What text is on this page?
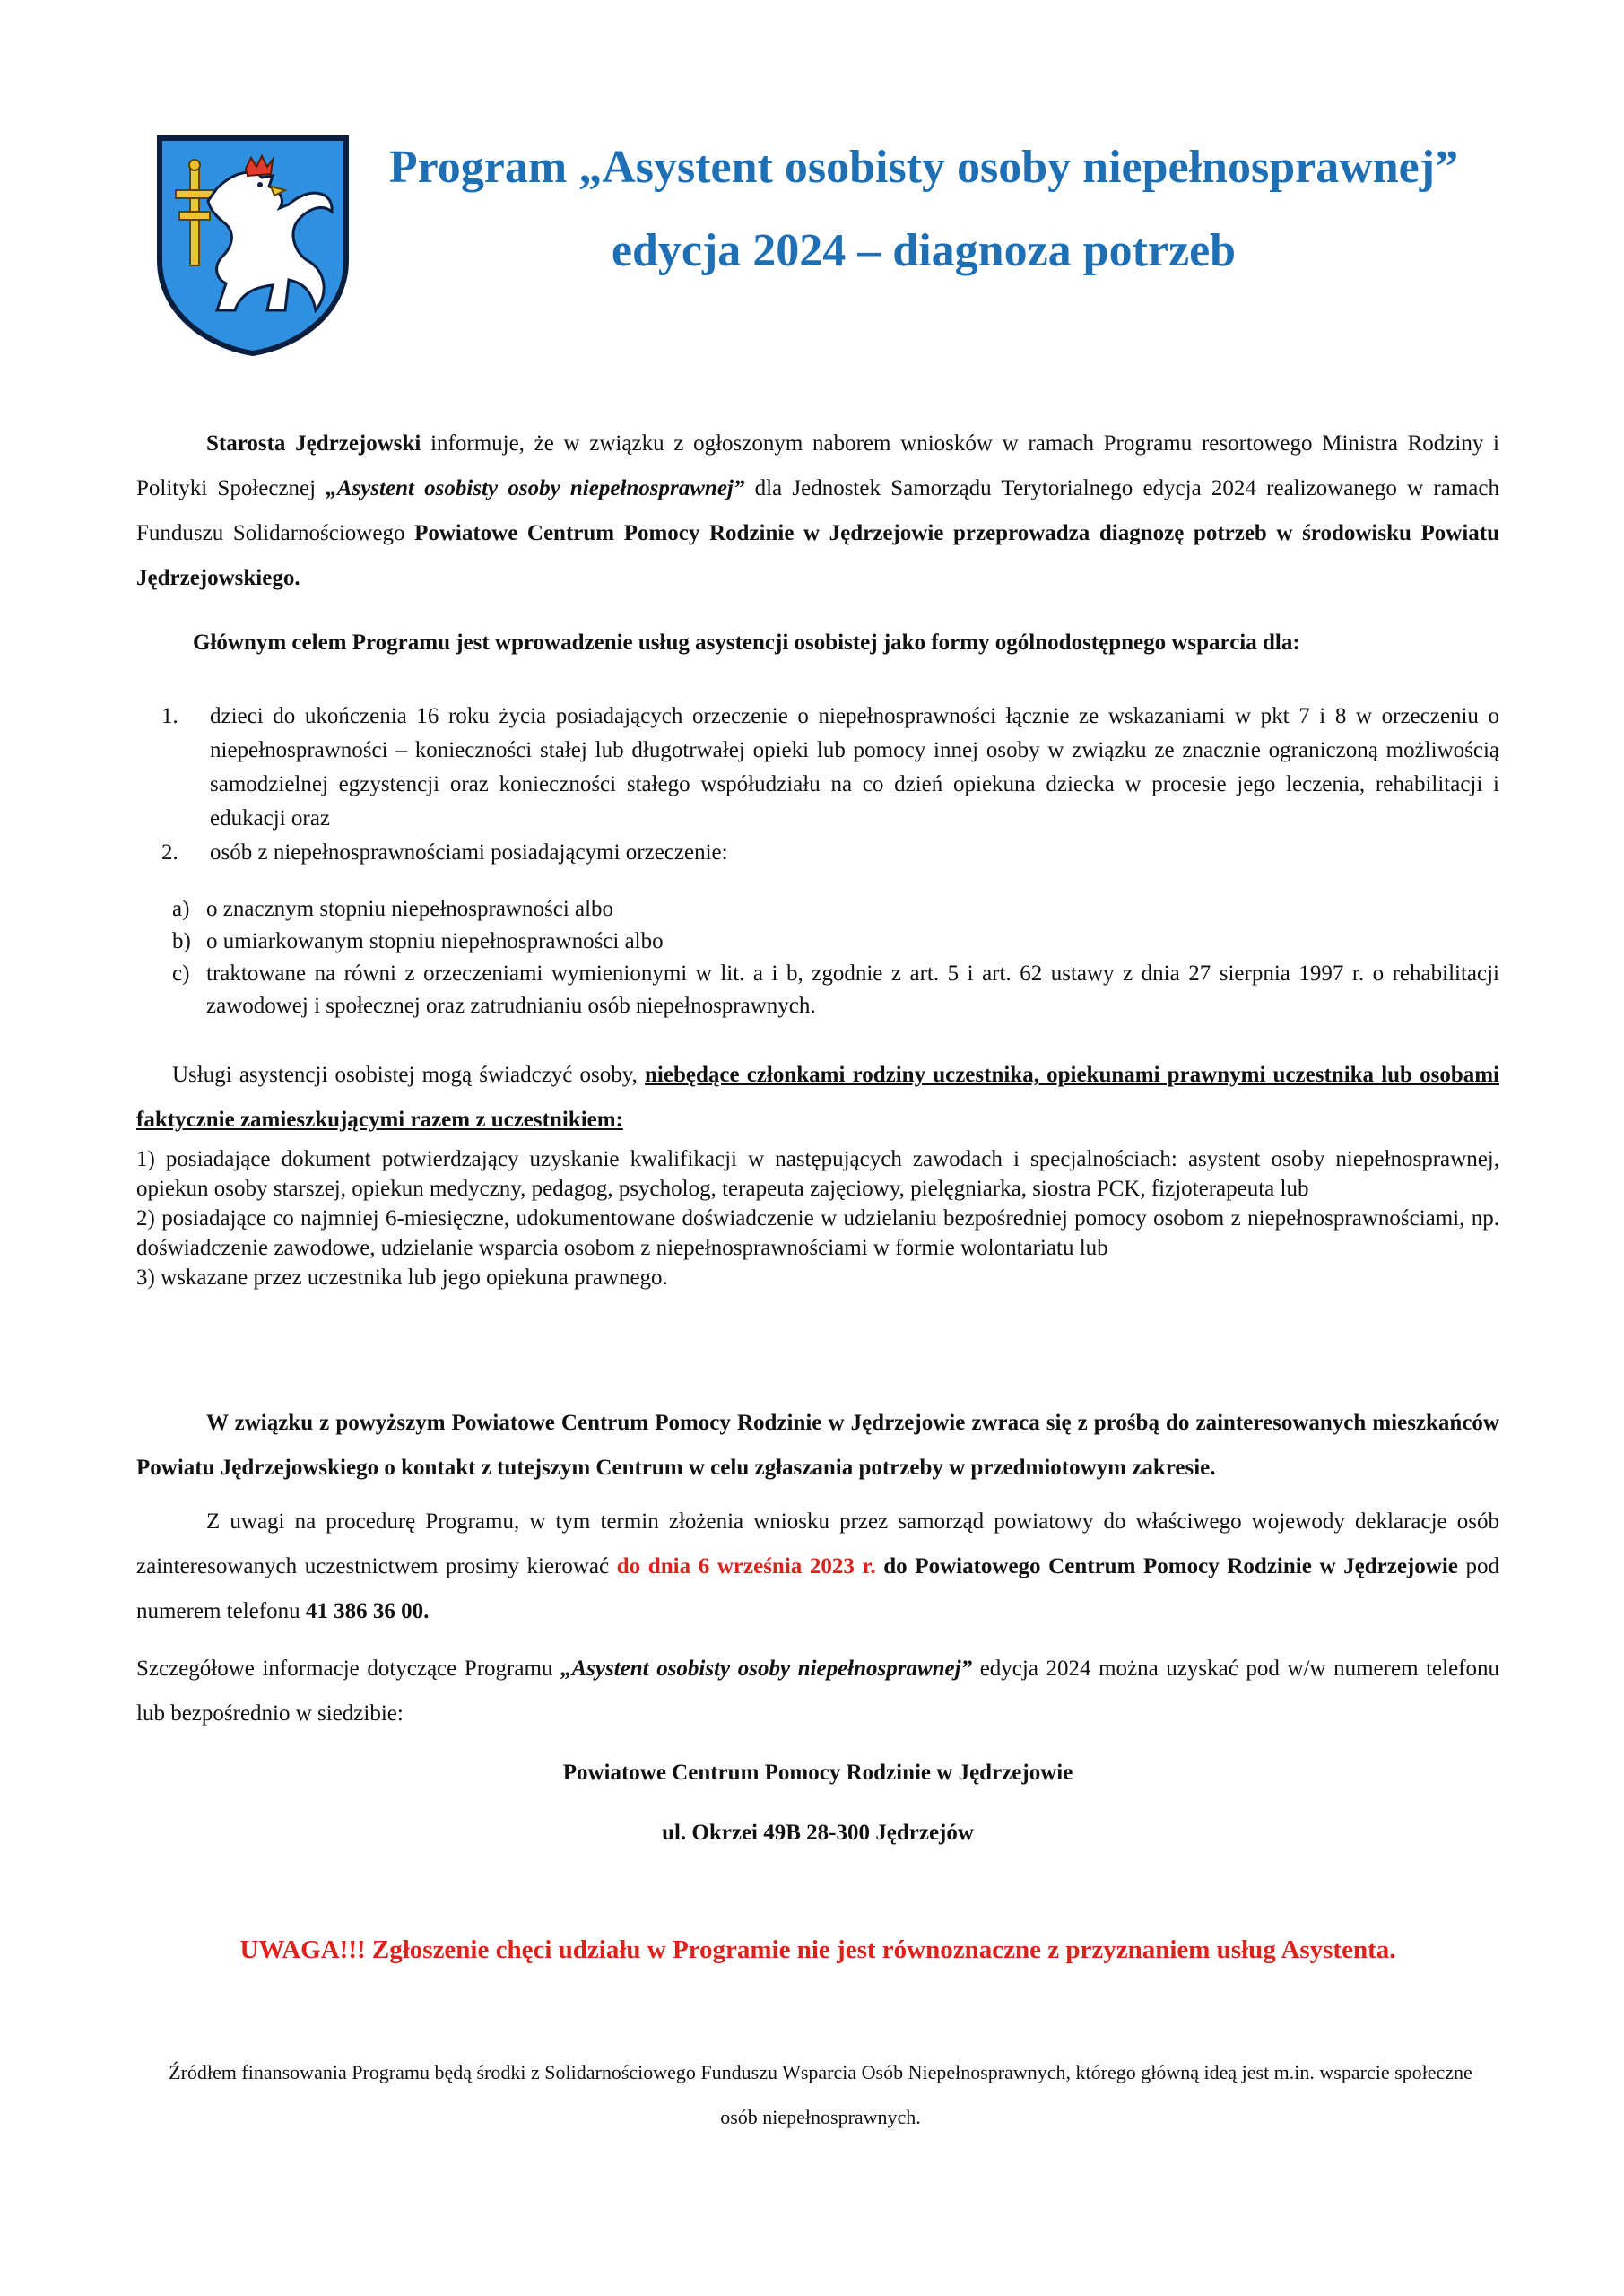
Program „Asystent osobisty osoby niepełnosprawnej”
edycja 2024 – diagnoza potrzeb
Starosta Jędrzejowski informuje, że w związku z ogłoszonym naborem wniosków w ramach Programu resortowego Ministra Rodziny i Polityki Społecznej „Asystent osobisty osoby niepełnosprawnej” dla Jednostek Samorządu Terytorialnego edycja 2024 realizowanego w ramach Funduszu Solidarnościowego Powiatowe Centrum Pomocy Rodzinie w Jędrzejowie przeprowadza diagnozę potrzeb w środowisku Powiatu Jędrzejowskiego.
Głównym celem Programu jest wprowadzenie usług asystencji osobistej jako formy ogólnodostępnego wsparcia dla:
1. dzieci do ukończenia 16 roku życia posiadających orzeczenie o niepełnosprawności łącznie ze wskazaniami w pkt 7 i 8 w orzeczeniu o niepełnosprawności – konieczności stałej lub długotrwałej opieki lub pomocy innej osoby w związku ze znacznie ograniczoną możliwością samodzielnej egzystencji oraz konieczności stałego współudziału na co dzień opiekuna dziecka w procesie jego leczenia, rehabilitacji i edukacji oraz
2. osób z niepełnosprawnościami posiadającymi orzeczenie:
a) o znacznym stopniu niepełnosprawności albo
b) o umiarkowanym stopniu niepełnosprawności albo
c) traktowane na równi z orzeczeniami wymienionymi w lit. a i b, zgodnie z art. 5 i art. 62 ustawy z dnia 27 sierpnia 1997 r. o rehabilitacji zawodowej i społecznej oraz zatrudnianiu osób niepełnosprawnych.
Usługi asystencji osobistej mogą świadczyć osoby, niebędące członkami rodziny uczestnika, opiekunami prawnymi uczestnika lub osobami faktycznie zamieszkującymi razem z uczestnikiem:
1) posiadające dokument potwierdzający uzyskanie kwalifikacji w następujących zawodach i specjalnościach: asystent osoby niepełnosprawnej, opiekun osoby starszej, opiekun medyczny, pedagog, psycholog, terapeuta zajęciowy, pielęgniarka, siostra PCK, fizjoterapeuta lub
2) posiadające co najmniej 6-miesięczne, udokumentowane doświadczenie w udzielaniu bezpośredniej pomocy osobom z niepełnosprawnościami, np. doświadczenie zawodowe, udzielanie wsparcia osobom z niepełnosprawnościami w formie wolontariatu lub
3) wskazane przez uczestnika lub jego opiekuna prawnego.
W związku z powyższym Powiatowe Centrum Pomocy Rodzinie w Jędrzejowie zwraca się z prośbą do zainteresowanych mieszkańców Powiatu Jędrzejowskiego o kontakt z tutejszym Centrum w celu zgłaszania potrzeby w przedmiotowym zakresie.
Z uwagi na procedurę Programu, w tym termin złożenia wniosku przez samorząd powiatowy do właściwego wojewody deklaracje osób zainteresowanych uczestnictwem prosimy kierować do dnia 6 września 2023 r. do Powiatowego Centrum Pomocy Rodzinie w Jędrzejowie pod numerem telefonu 41 386 36 00.
Szczegółowe informacje dotyczące Programu „Asystent osobisty osoby niepełnosprawnej” edycja 2024 można uzyskać pod w/w numerem telefonu lub bezpośrednio w siedzibie:
Powiatowe Centrum Pomocy Rodzinie w Jędrzejowie
ul. Okrzei 49B 28-300 Jędrzejów
UWAGA!!! Zgłoszenie chęci udziału w Programie nie jest równoznaczne z przyznaniem usług Asystenta.
Źródłem finansowania Programu będą środki z Solidarnościowego Funduszu Wsparcia Osób Niepełnosprawnych, którego główną ideą jest m.in. wsparcie społeczne osób niepełnosprawnych.
